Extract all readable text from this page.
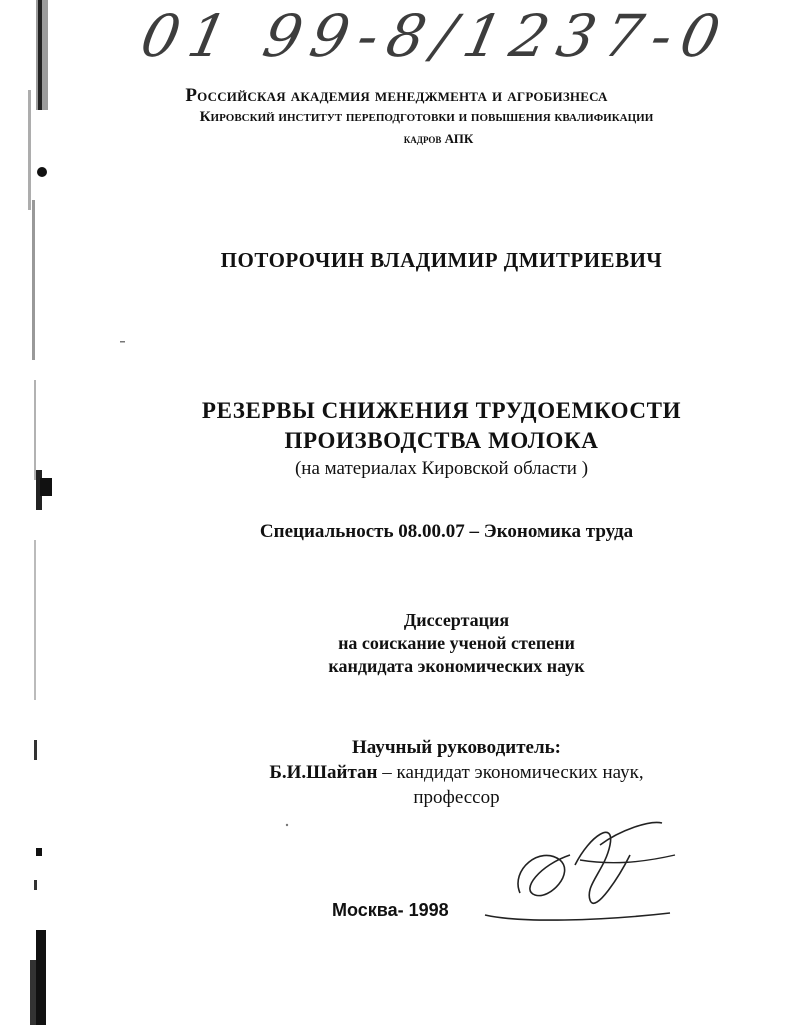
01 99-8/1237-0
Российская академия менеджмента и агробизнеса
Кировский институт переподготовки и повышения квалификации
кадров АПК
ПОТОРОЧИН ВЛАДИМИР ДМИТРИЕВИЧ
РЕЗЕРВЫ СНИЖЕНИЯ ТРУДОЕМКОСТИ
ПРОИЗВОДСТВА МОЛОКА
(на материалах Кировской области )
Специальность 08.00.07 – Экономика труда
Диссертация
на соискание ученой степени
кандидата экономических наук
Научный руководитель:
Б.И.Шайтан – кандидат экономических наук,
профессор
Москва- 1998
